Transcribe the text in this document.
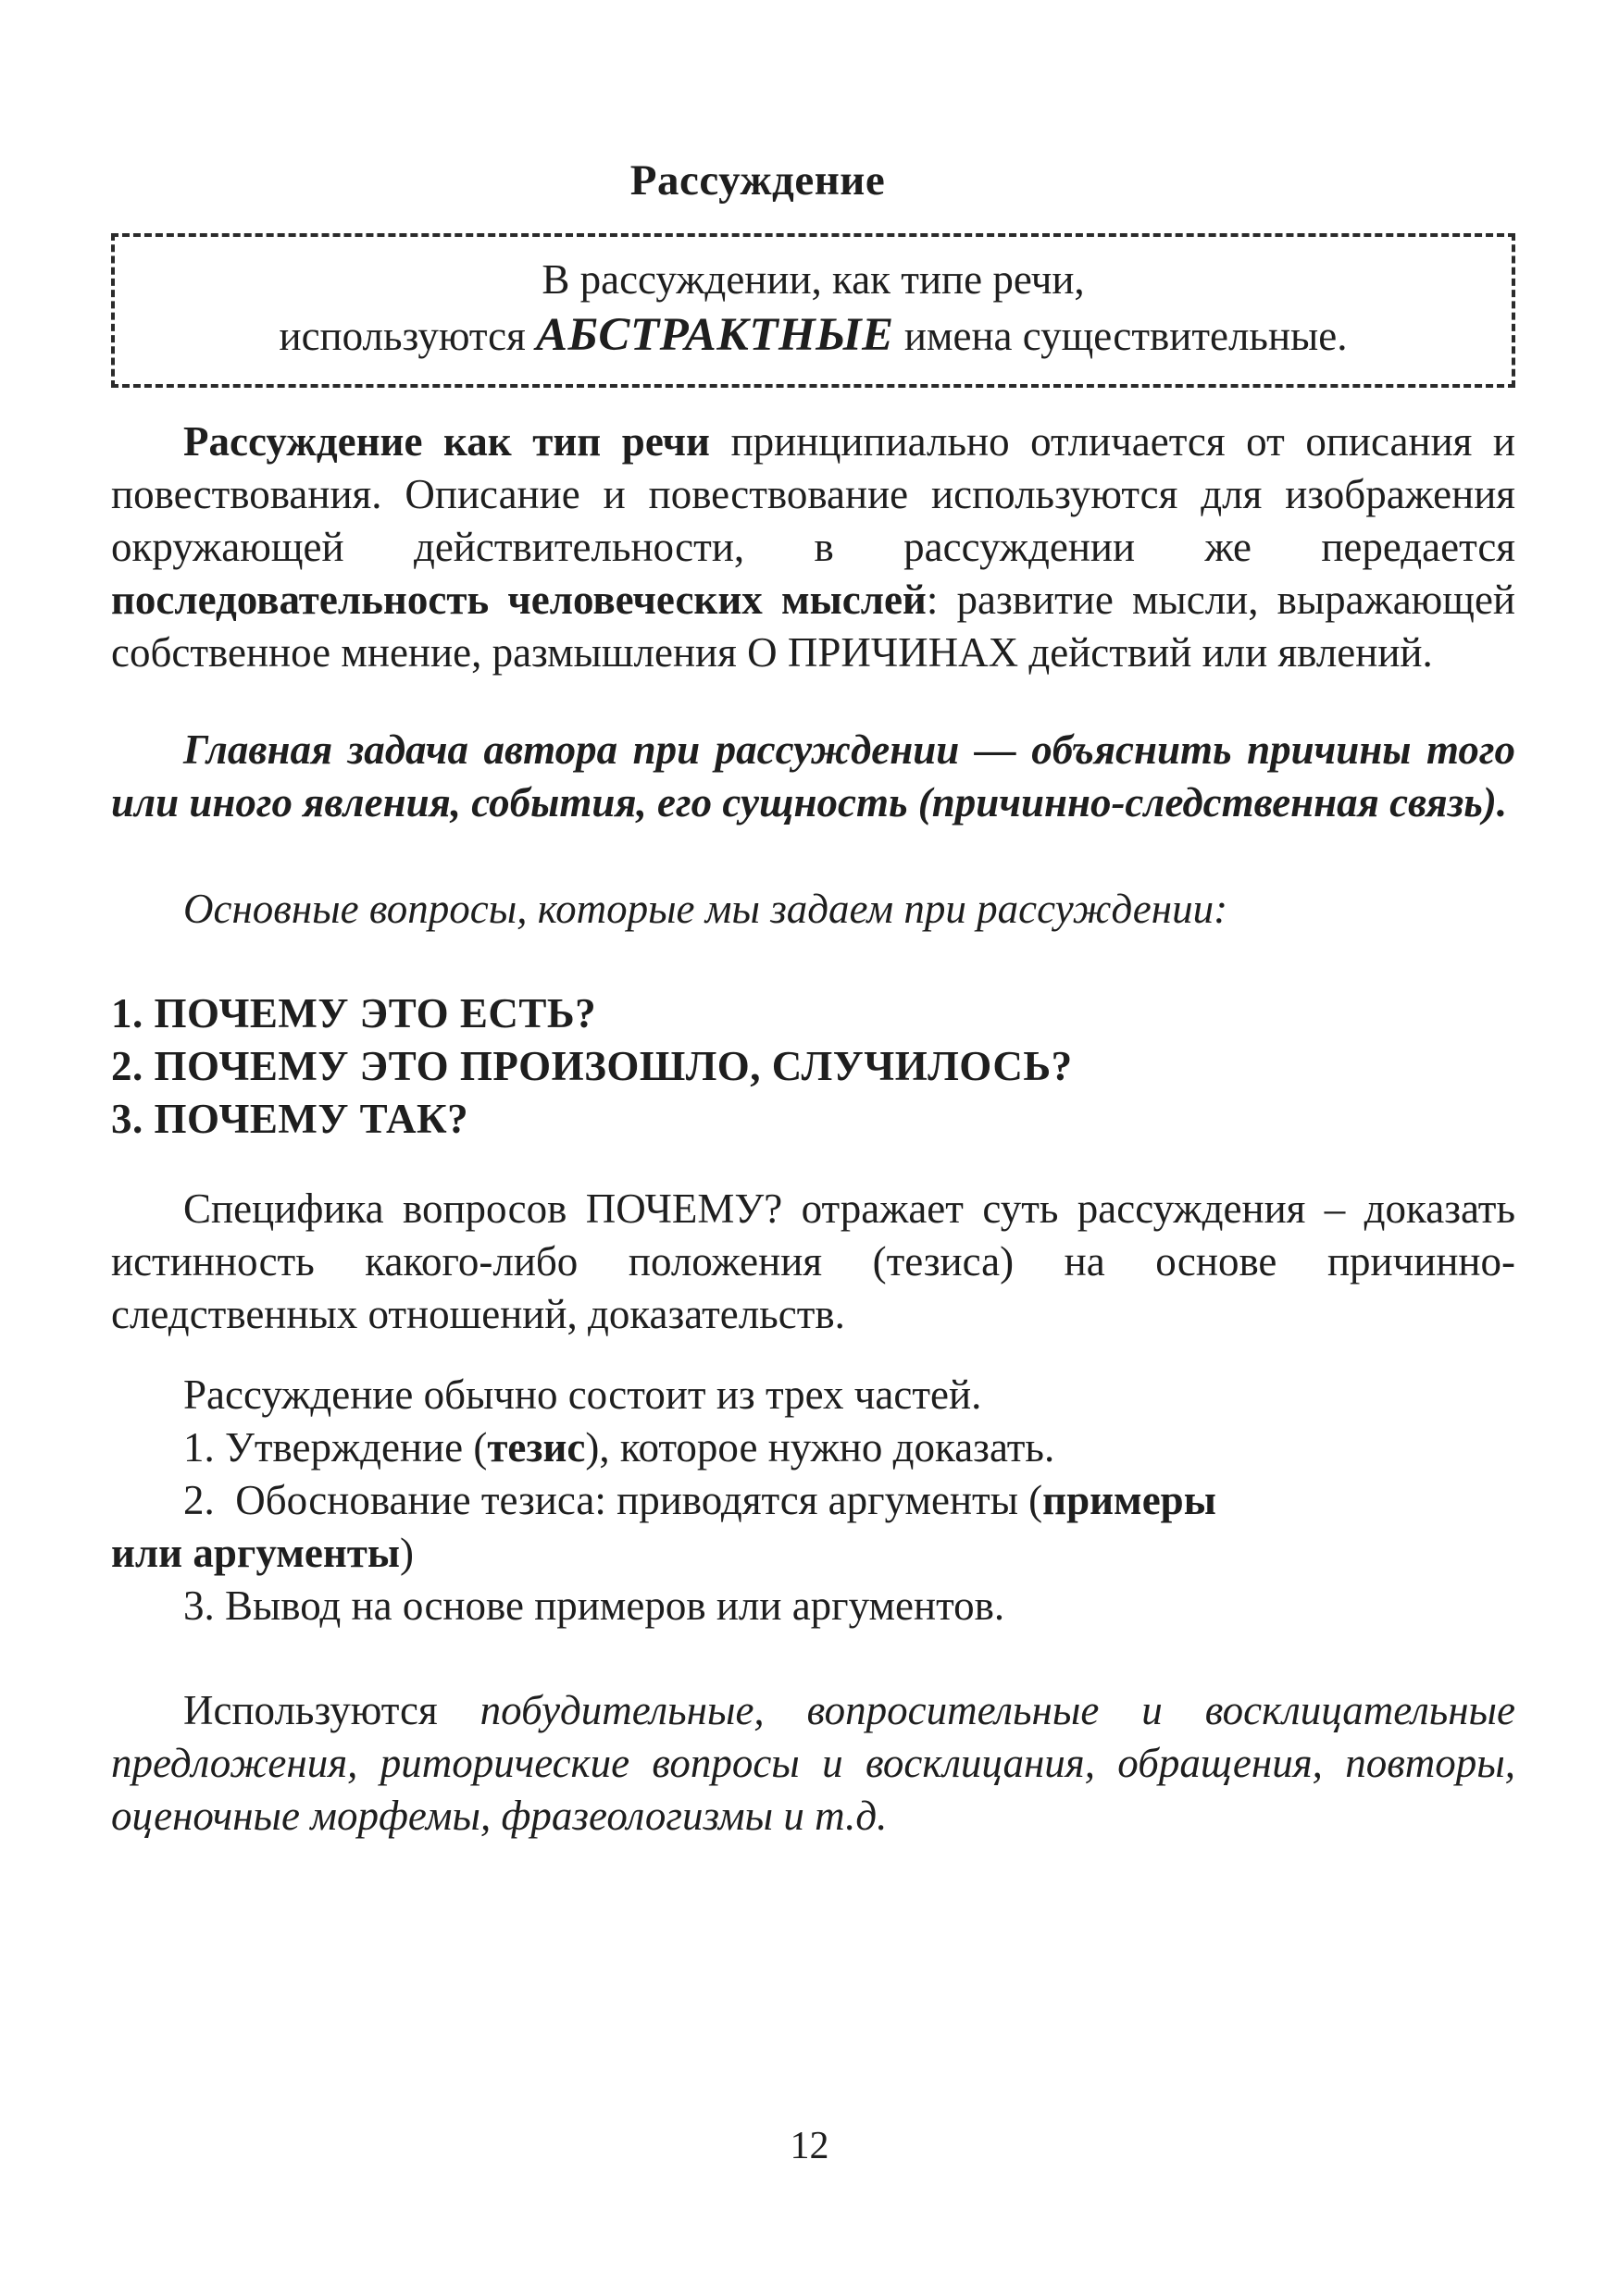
Рассуждение
В рассуждении, как типе речи,
используются АБСТРАКТНЫЕ имена существительные.

Рассуждение как тип речи принципиально отличается от описания и повествования. Описание и повествование используются для изображения окружающей действительности, в рассуждении же передается последовательность человеческих мыслей: развитие мысли, выражающей собственное мнение, размышления О ПРИЧИНАХ действий или явлений.

Главная задача автора при рассуждении — объяснить причины того или иного явления, события, его сущность (причинно-следственная связь).

Основные вопросы, которые мы задаем при рассуждении:

1. ПОЧЕМУ ЭТО ЕСТЬ?
2. ПОЧЕМУ ЭТО ПРОИЗОШЛО, СЛУЧИЛОСЬ?
3. ПОЧЕМУ ТАК?

Специфика вопросов ПОЧЕМУ? отражает суть рассуждения – доказать истинность какого-либо положения (тезиса) на основе причинно-следственных отношений, доказательств.

Рассуждение обычно состоит из трех частей.

1. Утверждение (тезис), которое нужно доказать.

2.  Обоснование тезиса: приводятся аргументы (примеры
или аргументы)

3. Вывод на основе примеров или аргументов.

Используются побудительные, вопросительные и восклицательные предложения, риторические вопросы и восклицания, обращения, повторы, оценочные морфемы, фразеологизмы и т.д.

12
